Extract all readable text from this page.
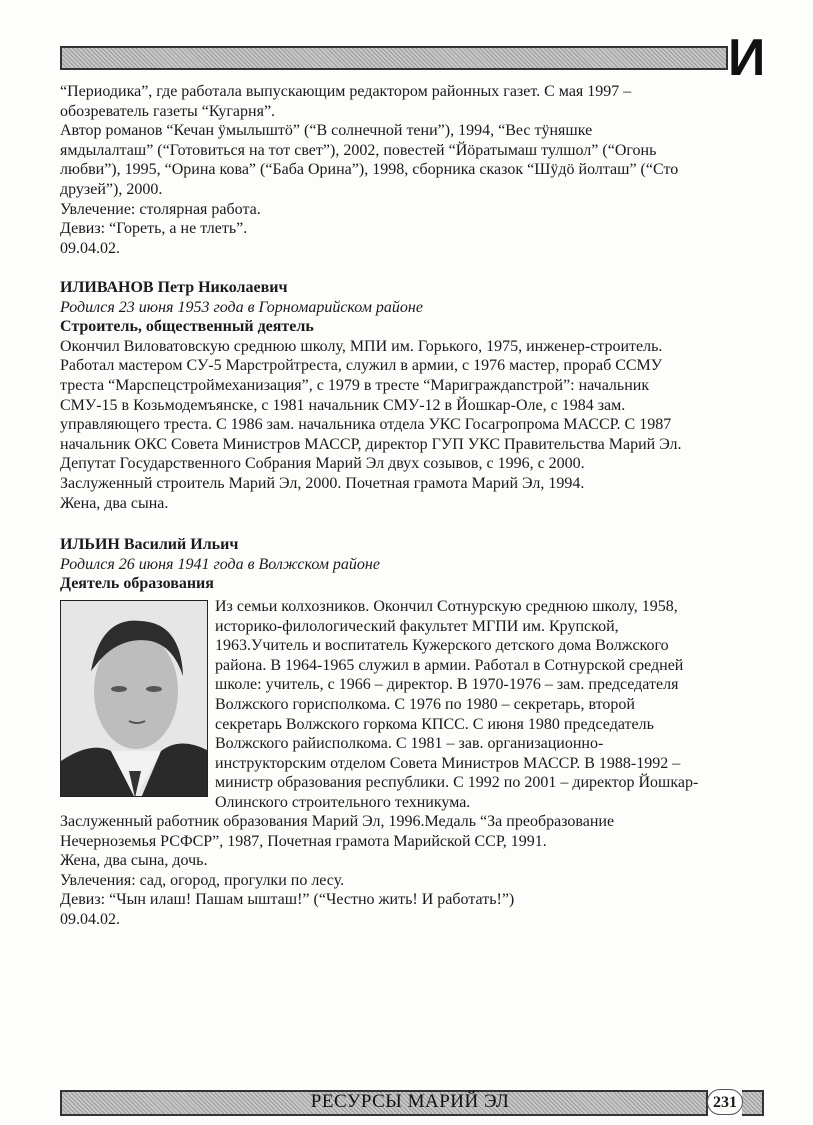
И
“Периодика”, где работала выпускающим редактором районных газет. С мая 1997 –
обозреватель газеты “Кугарня”.
Автор романов “Кечан ӱмылыштӧ” (“В солнечной тени”), 1994, “Вес тӱняшке
ямдылалташ” (“Готовиться на тот свет”), 2002, повестей “Йӧратымаш тулшол” (“Огонь
любви”), 1995, “Орина кова” (“Баба Орина”), 1998, сборника сказок “Шӱдӧ йолташ” (“Сто
друзей”), 2000.
Увлечение: столярная работа.
Девиз: “Гореть, а не тлеть”.
09.04.02.
ИЛИВАНОВ Петр Николаевич
Родился 23 июня 1953 года в Горномарийском районе
Строитель, общественный деятель
Окончил Виловатовскую среднюю школу, МПИ им. Горького, 1975, инженер-строитель.
Работал мастером СУ-5 Марстройтреста, служил в армии, с 1976 мастер, прораб ССМУ
треста “Марспецстроймеханизация”, с 1979 в тресте “Мариграждanстрой”: начальник
СМУ-15 в Козьмодемъянске, с 1981 начальник СМУ-12 в Йошкар-Оле, с 1984 зам.
управляющего треста. С 1986 зам. начальника отдела УКС Госагропрома МАССР. С 1987
начальник ОКС Совета Министров МАССР, директор ГУП УКС Правительства Марий Эл.
Депутат Государственного Собрания Марий Эл двух созывов, с 1996, с 2000.
Заслуженный строитель Марий Эл, 2000. Почетная грамота Марий Эл, 1994.
Жена, два сына.
ИЛЬИН Василий Ильич
Родился 26 июня 1941 года в Волжском районе
Деятель образования
Из семьи колхозников. Окончил Сотнурскую среднюю школу, 1958,
историко-филологический факультет МГПИ им. Крупской,
1963.Учитель и воспитатель Кужерского детского дома Волжского
района. В 1964-1965 служил в армии. Работал в Сотнурской средней
школе: учитель, с 1966 – директор. В 1970-1976 – зам. председателя
Волжского горисполкома. С 1976 по 1980 – секретарь, второй
секретарь Волжского горкома КПСС. С июня 1980 председатель
Волжского райисполкома. С 1981 – зав. организационно-
инструкторским отделом Совета Министров МАССР. В 1988-1992 –
министр образования республики. С 1992 по 2001 – директор Йошкар-
Олинского строительного техникума.
Заслуженный работник образования Марий Эл, 1996.Медаль “За преобразование
Нечерноземья РСФСР”, 1987, Почетная грамота Марийской ССР, 1991.
Жена, два сына, дочь.
Увлечения: сад, огород, прогулки по лесу.
Девиз: “Чын илаш! Пашам ышташ!” (“Честно жить! И работать!”)
09.04.02.
РЕСУРСЫ МАРИЙ ЭЛ	231
